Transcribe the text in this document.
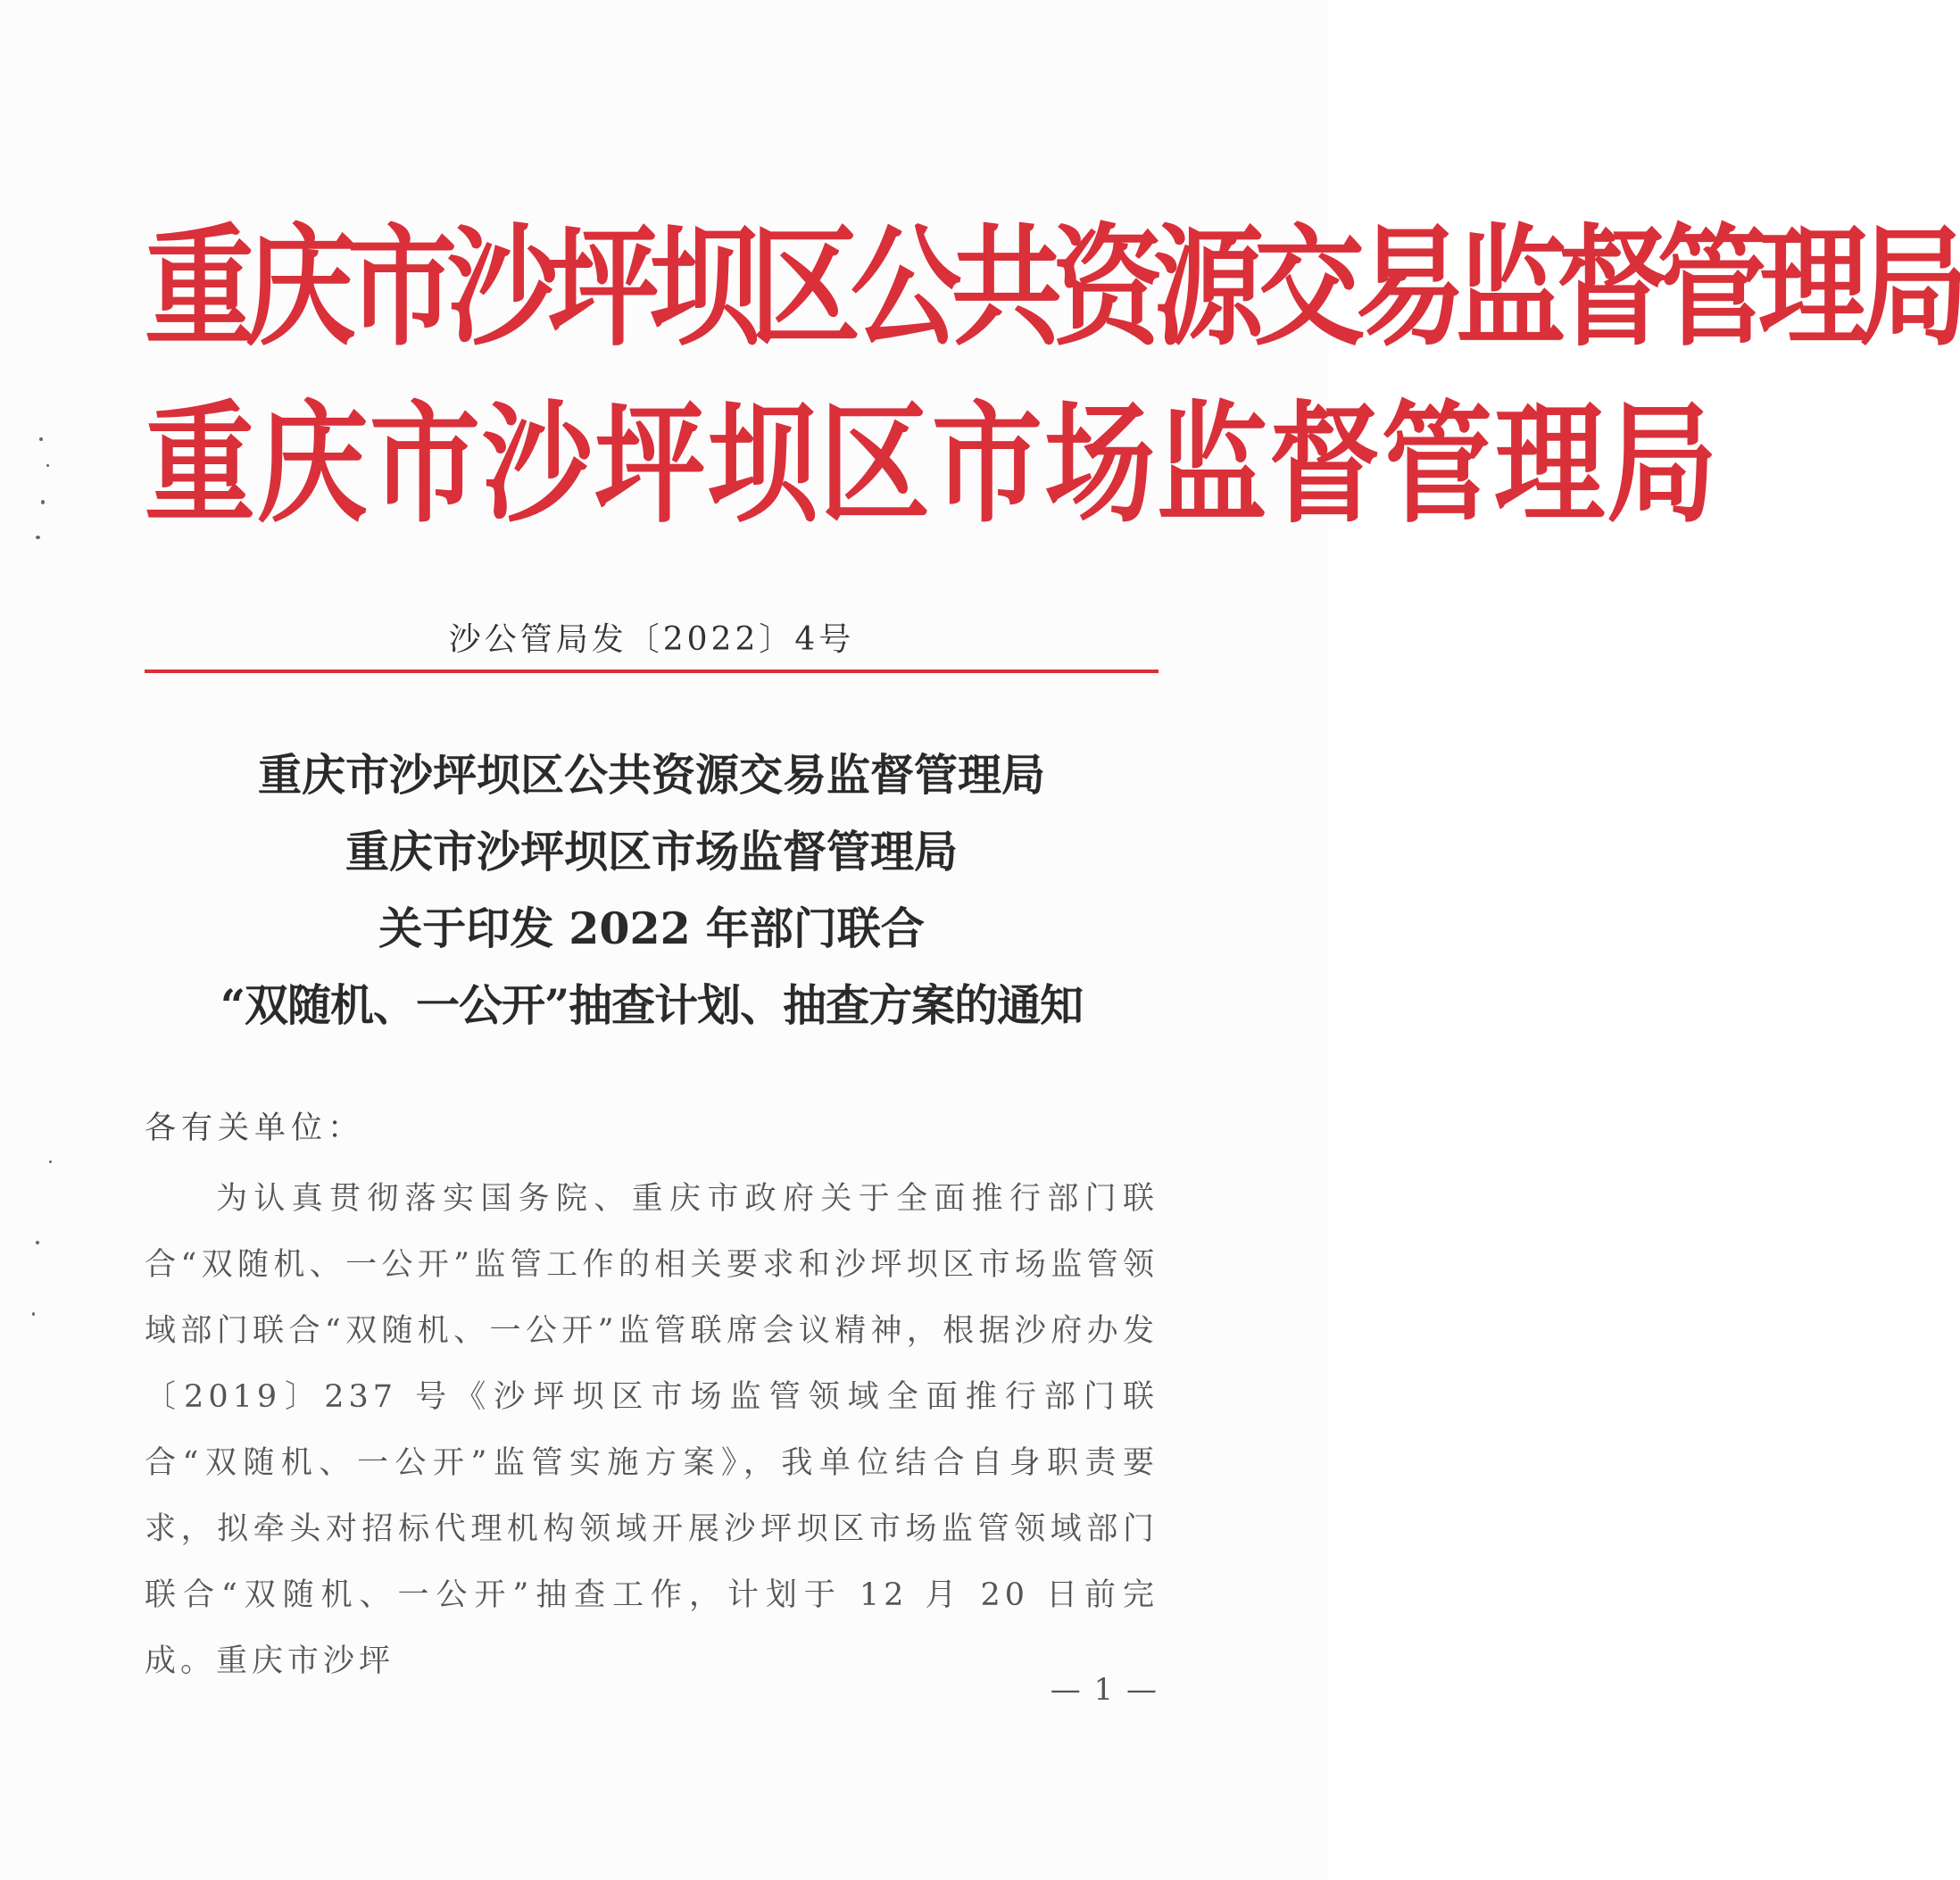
重庆市沙坪坝区公共资源交易监督管理局
重庆市沙坪坝区市场监督管理局
沙公管局发〔2022〕4号
重庆市沙坪坝区公共资源交易监督管理局
重庆市沙坪坝区市场监督管理局
关于印发 2022 年部门联合
“双随机、一公开”抽查计划、抽查方案的通知
各有关单位：

为认真贯彻落实国务院、重庆市政府关于全面推行部门联合“双随机、一公开”监管工作的相关要求和沙坪坝区市场监管领域部门联合“双随机、一公开”监管联席会议精神，根据沙府办发〔2019〕237 号《沙坪坝区市场监管领域全面推行部门联合“双随机、一公开”监管实施方案》，我单位结合自身职责要求，拟牵头对招标代理机构领域开展沙坪坝区市场监管领域部门联合“双随机、一公开”抽查工作，计划于 12 月 20 日前完成。重庆市沙坪

— 1 —
